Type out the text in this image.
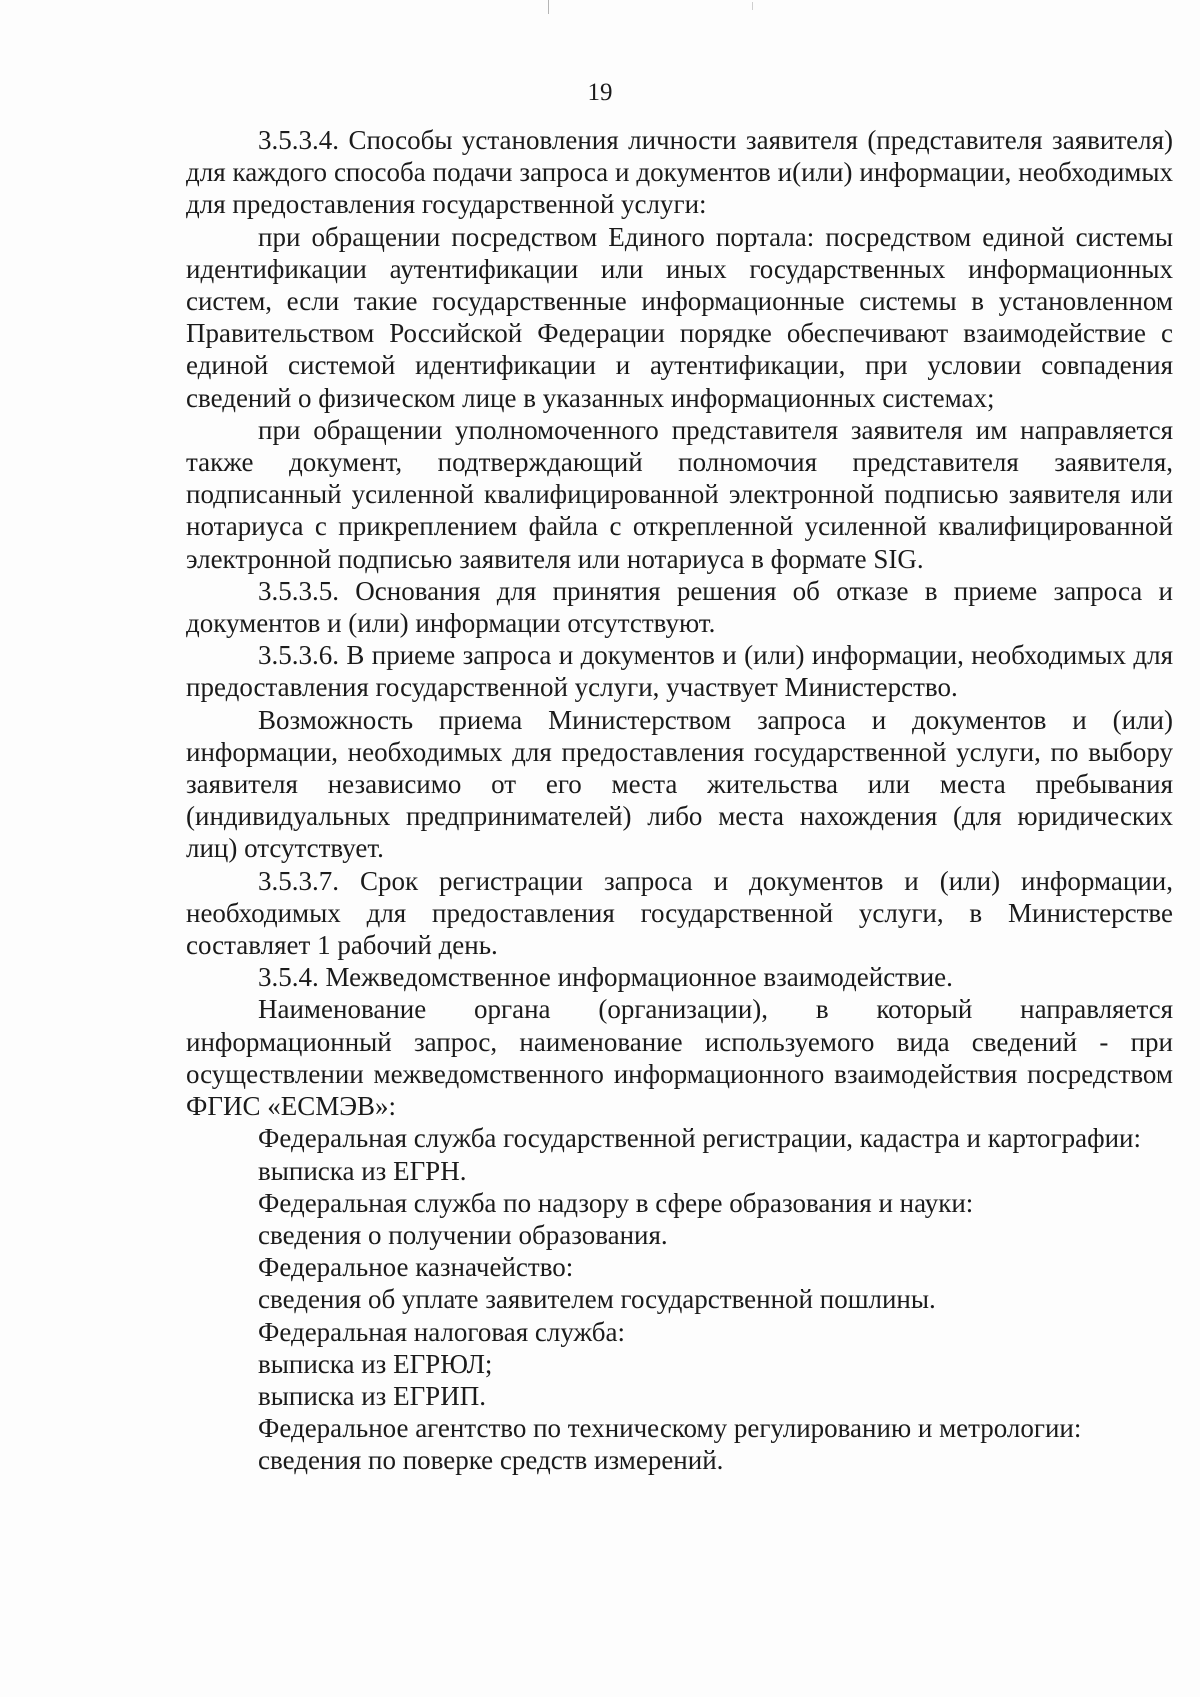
19

3.5.3.4. Способы установления личности заявителя (представителя заявителя) для каждого способа подачи запроса и документов и(или) информации, необходимых для предоставления государственной услуги:

при обращении посредством Единого портала: посредством единой системы идентификации аутентификации или иных государственных информационных систем, если такие государственные информационные системы в установленном Правительством Российской Федерации порядке обеспечивают взаимодействие с единой системой идентификации и аутентификации, при условии совпадения сведений о физическом лице в указанных информационных системах;

при обращении уполномоченного представителя заявителя им направляется также документ, подтверждающий полномочия представителя заявителя, подписанный усиленной квалифицированной электронной подписью заявителя или нотариуса с прикреплением файла с открепленной усиленной квалифицированной электронной подписью заявителя или нотариуса в формате SIG.

3.5.3.5. Основания для принятия решения об отказе в приеме запроса и документов и (или) информации отсутствуют.

3.5.3.6. В приеме запроса и документов и (или) информации, необходимых для предоставления государственной услуги, участвует Министерство.

Возможность приема Министерством запроса и документов и (или) информации, необходимых для предоставления государственной услуги, по выбору заявителя независимо от его места жительства или места пребывания (индивидуальных предпринимателей) либо места нахождения (для юридических лиц) отсутствует.

3.5.3.7. Срок регистрации запроса и документов и (или) информации, необходимых для предоставления государственной услуги, в Министерстве составляет 1 рабочий день.

3.5.4. Межведомственное информационное взаимодействие.

Наименование органа (организации), в который направляется информационный запрос, наименование используемого вида сведений - при осуществлении межведомственного информационного взаимодействия посредством ФГИС «ЕСМЭВ»:

Федеральная служба государственной регистрации, кадастра и картографии:

выписка из ЕГРН.

Федеральная служба по надзору в сфере образования и науки:

сведения о получении образования.

Федеральное казначейство:

сведения об уплате заявителем государственной пошлины.

Федеральная налоговая служба:

выписка из ЕГРЮЛ;

выписка из ЕГРИП.

Федеральное агентство по техническому регулированию и метрологии:

сведения по поверке средств измерений.
